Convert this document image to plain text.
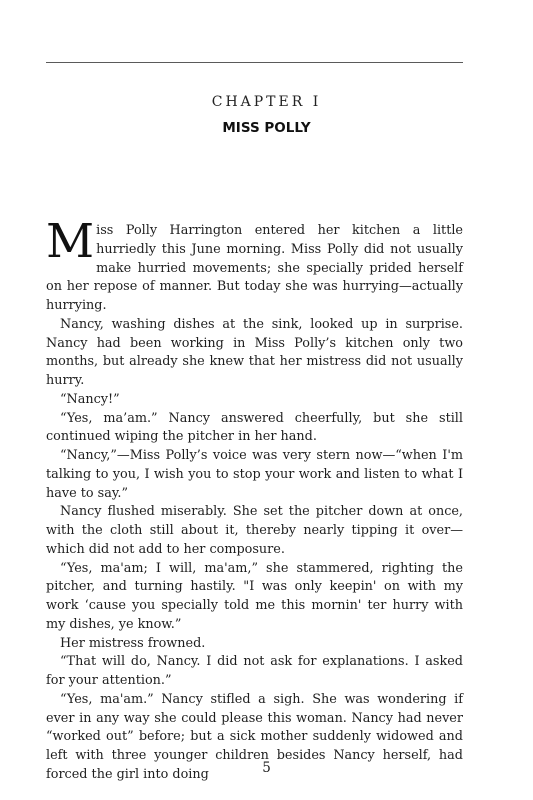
CHAPTER I
MISS POLLY

Miss Polly Harrington entered her kitchen a little hurriedly this June morning. Miss Polly did not usually make hurried movements; she specially prided herself on her repose of manner. But today she was hurrying—actually hurrying.

Nancy, washing dishes at the sink, looked up in surprise. Nancy had been working in Miss Polly’s kitchen only two months, but already she knew that her mistress did not usually hurry.

“Nancy!”

“Yes, ma’am.” Nancy answered cheerfully, but she still continued wiping the pitcher in her hand.

“Nancy,”—Miss Polly’s voice was very stern now—“when I'm talking to you, I wish you to stop your work and listen to what I have to say.”

Nancy flushed miserably. She set the pitcher down at once, with the cloth still about it, thereby nearly tipping it over—which did not add to her composure.

“Yes, ma'am; I will, ma'am,” she stammered, righting the pitcher, and turning hastily. "I was only keepin' on with my work ‘cause you specially told me this mornin' ter hurry with my dishes, ye know.”

Her mistress frowned.

“That will do, Nancy. I did not ask for explanations. I asked for your attention.”

“Yes, ma'am.” Nancy stifled a sigh. She was wondering if ever in any way she could please this woman. Nancy had never “worked out” before; but a sick mother suddenly widowed and left with three younger children besides Nancy herself, had forced the girl into doing	5
